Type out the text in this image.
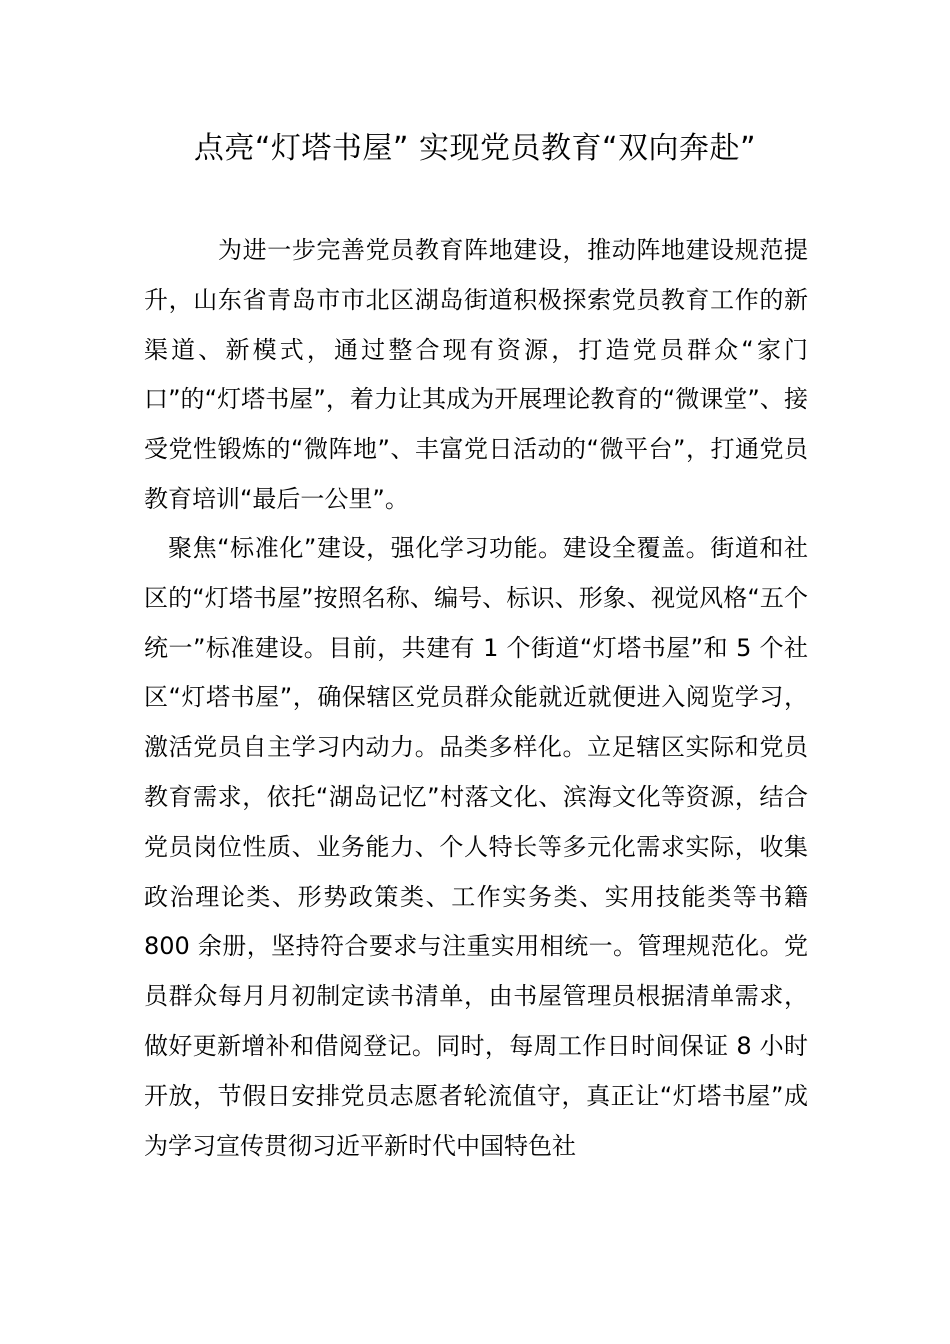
点亮“灯塔书屋” 实现党员教育“双向奔赴”

为进一步完善党员教育阵地建设，推动阵地建设规范提升，山东省青岛市市北区湖岛街道积极探索党员教育工作的新渠道、新模式，通过整合现有资源，打造党员群众“家门口”的“灯塔书屋”，着力让其成为开展理论教育的“微课堂”、接受党性锻炼的“微阵地”、丰富党日活动的“微平台”，打通党员教育培训“最后一公里”。

聚焦“标准化”建设，强化学习功能。建设全覆盖。街道和社区的“灯塔书屋”按照名称、编号、标识、形象、视觉风格“五个统一”标准建设。目前，共建有 1 个街道“灯塔书屋”和 5 个社区“灯塔书屋”，确保辖区党员群众能就近就便进入阅览学习，激活党员自主学习内动力。品类多样化。立足辖区实际和党员教育需求，依托“湖岛记忆”村落文化、滨海文化等资源，结合党员岗位性质、业务能力、个人特长等多元化需求实际，收集政治理论类、形势政策类、工作实务类、实用技能类等书籍 800 余册，坚持符合要求与注重实用相统一。管理规范化。党员群众每月月初制定读书清单，由书屋管理员根据清单需求，做好更新增补和借阅登记。同时，每周工作日时间保证 8 小时开放，节假日安排党员志愿者轮流值守，真正让“灯塔书屋”成为学习宣传贯彻习近平新时代中国特色社
